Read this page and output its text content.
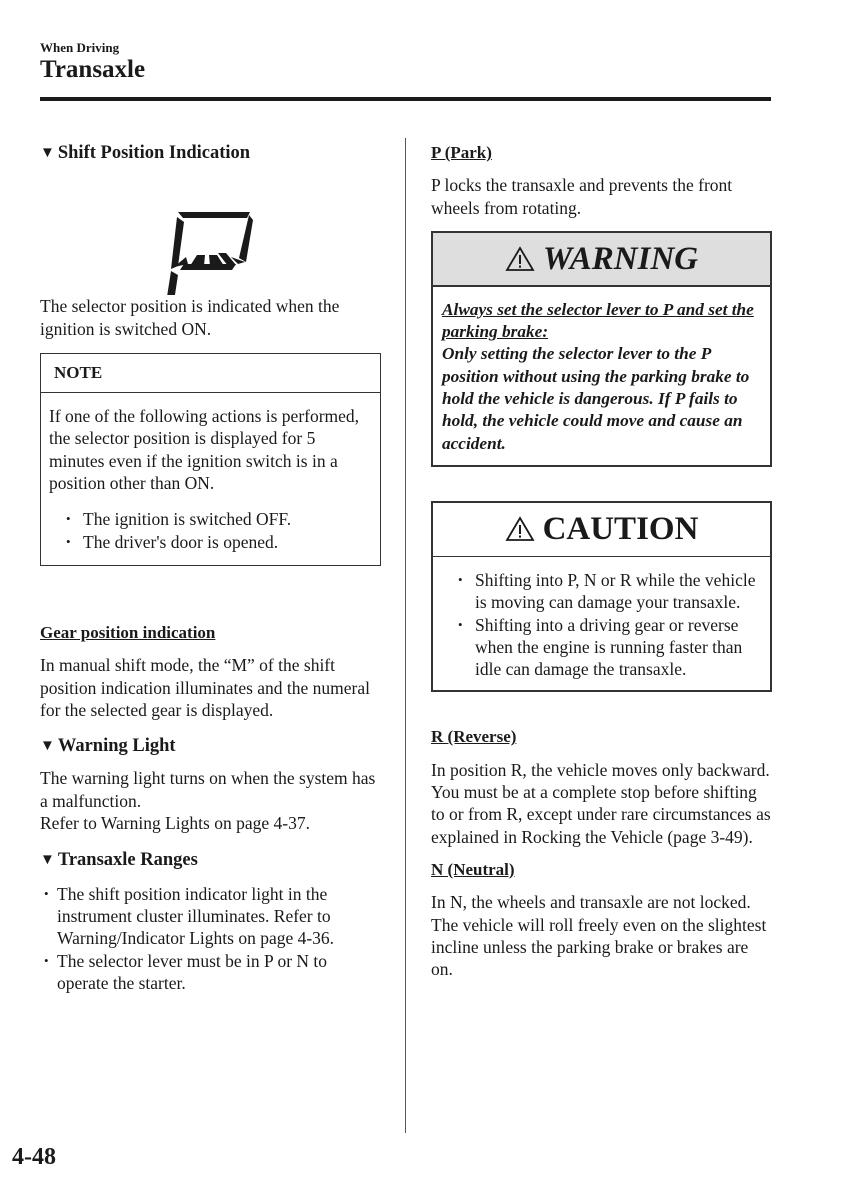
When Driving
Transaxle
▼ Shift Position Indication

The selector position is indicated when the ignition is switched ON.

NOTE

If one of the following actions is performed, the selector position is displayed for 5 minutes even if the ignition switch is in a position other than ON.

• The ignition is switched OFF.
• The driver's door is opened.
Gear position indication

In manual shift mode, the “M” of the shift position indication illuminates and the numeral for the selected gear is displayed.

▼ Warning Light

The warning light turns on when the system has a malfunction.

Refer to Warning Lights on page 4-37.

▼ Transaxle Ranges
• The shift position indicator light in the instrument cluster illuminates. Refer to Warning/Indicator Lights on page 4-36.
• The selector lever must be in P or N to operate the starter.
P (Park)

P locks the transaxle and prevents the front wheels from rotating.

WARNING

Always set the selector lever to P and set the parking brake:

Only setting the selector lever to the P position without using the parking brake to hold the vehicle is dangerous. If P fails to hold, the vehicle could move and cause an accident.

CAUTION
• Shifting into P, N or R while the vehicle is moving can damage your transaxle.
• Shifting into a driving gear or reverse when the engine is running faster than idle can damage the transaxle.
R (Reverse)

In position R, the vehicle moves only backward. You must be at a complete stop before shifting to or from R, except under rare circumstances as explained in Rocking the Vehicle (page 3-49).

N (Neutral)

In N, the wheels and transaxle are not locked. The vehicle will roll freely even on the slightest incline unless the parking brake or brakes are on.

4-48
